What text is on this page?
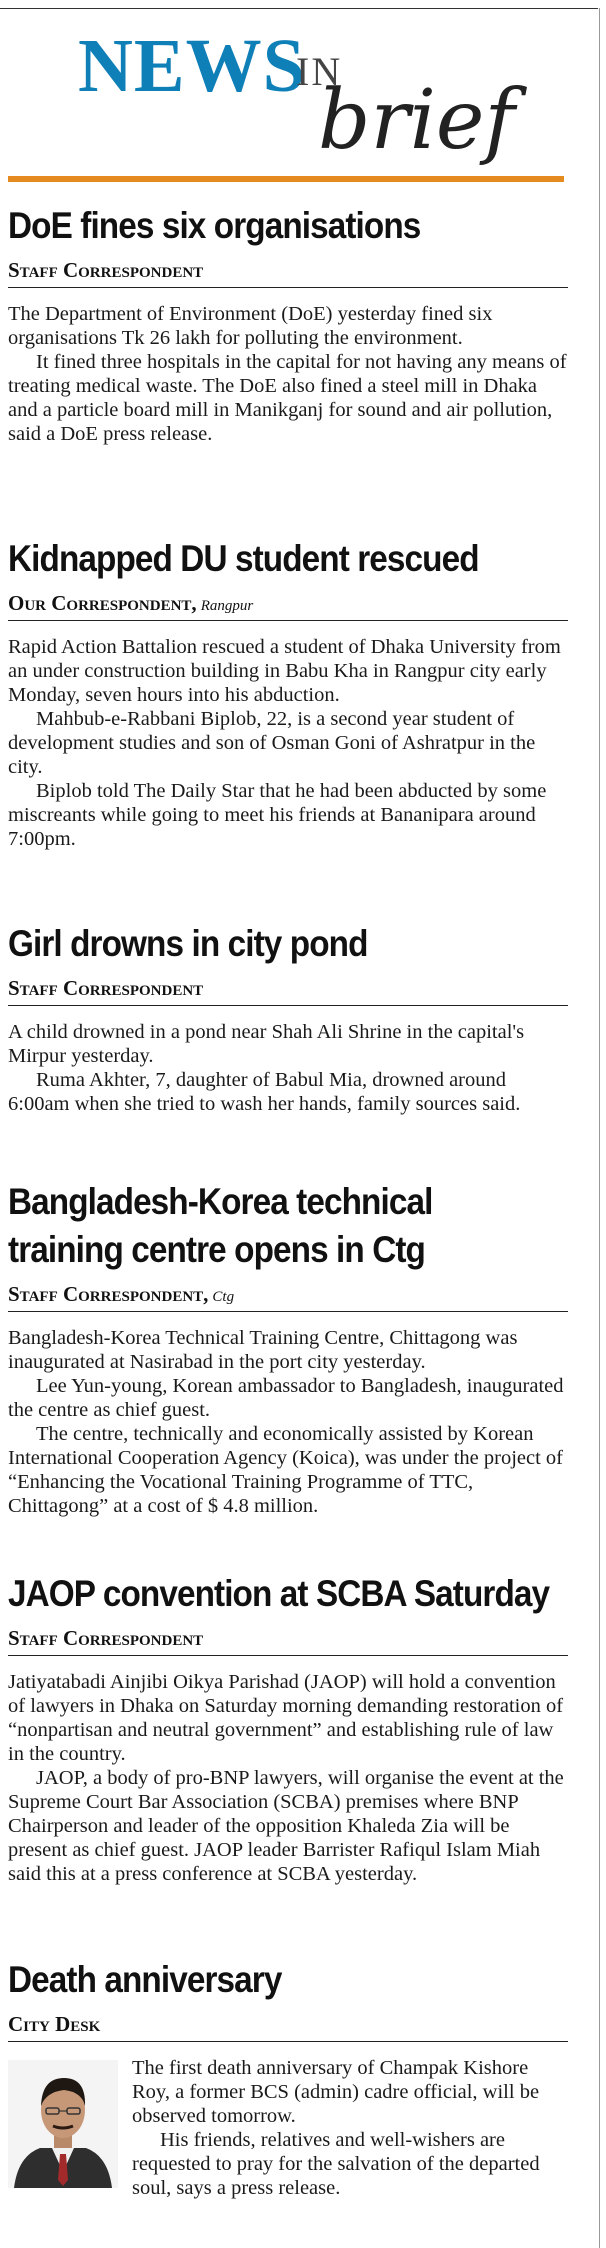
NEWS
IN
brief
DoE fines six organisations
Staff Correspondent

The Department of Environment (DoE) yesterday fined six organisations Tk 26 lakh for polluting the environment.

It fined three hospitals in the capital for not having any means of treating medical waste. The DoE also fined a steel mill in Dhaka and a particle board mill in Manikganj for sound and air pollution, said a DoE press release.

Kidnapped DU student rescued
Our Correspondent, Rangpur

Rapid Action Battalion rescued a student of Dhaka University from an under construction building in Babu Kha in Rangpur city early Monday, seven hours into his abduction.

Mahbub-e-Rabbani Biplob, 22, is a second year student of development studies and son of Osman Goni of Ashratpur in the city.

Biplob told The Daily Star that he had been abducted by some miscreants while going to meet his friends at Bananipara around 7:00pm.

Girl drowns in city pond
Staff Correspondent

A child drowned in a pond near Shah Ali Shrine in the capital's Mirpur yesterday.

Ruma Akhter, 7, daughter of Babul Mia, drowned around 6:00am when she tried to wash her hands, family sources said.

Bangladesh-Korea technical
training centre opens in Ctg
Staff Correspondent, Ctg

Bangladesh-Korea Technical Training Centre, Chittagong was inaugurated at Nasirabad in the port city yesterday.

Lee Yun-young, Korean ambassador to Bangladesh, inaugurated the centre as chief guest.

The centre, technically and economically assisted by Korean International Cooperation Agency (Koica), was under the project of “Enhancing the Vocational Training Programme of TTC, Chittagong” at a cost of $ 4.8 million.

JAOP convention at SCBA Saturday
Staff Correspondent

Jatiyatabadi Ainjibi Oikya Parishad (JAOP) will hold a convention of lawyers in Dhaka on Saturday morning demanding restoration of “nonpartisan and neutral government” and establishing rule of law in the country.

JAOP, a body of pro-BNP lawyers, will organise the event at the Supreme Court Bar Association (SCBA) premises where BNP Chairperson and leader of the opposition Khaleda Zia will be present as chief guest. JAOP leader Barrister Rafiqul Islam Miah said this at a press conference at SCBA yesterday.

Death anniversary
City Desk

The first death anniversary of Champak Kishore Roy, a former BCS (admin) cadre official, will be observed tomorrow.

His friends, relatives and well-wishers are requested to pray for the salvation of the departed soul, says a press release.
